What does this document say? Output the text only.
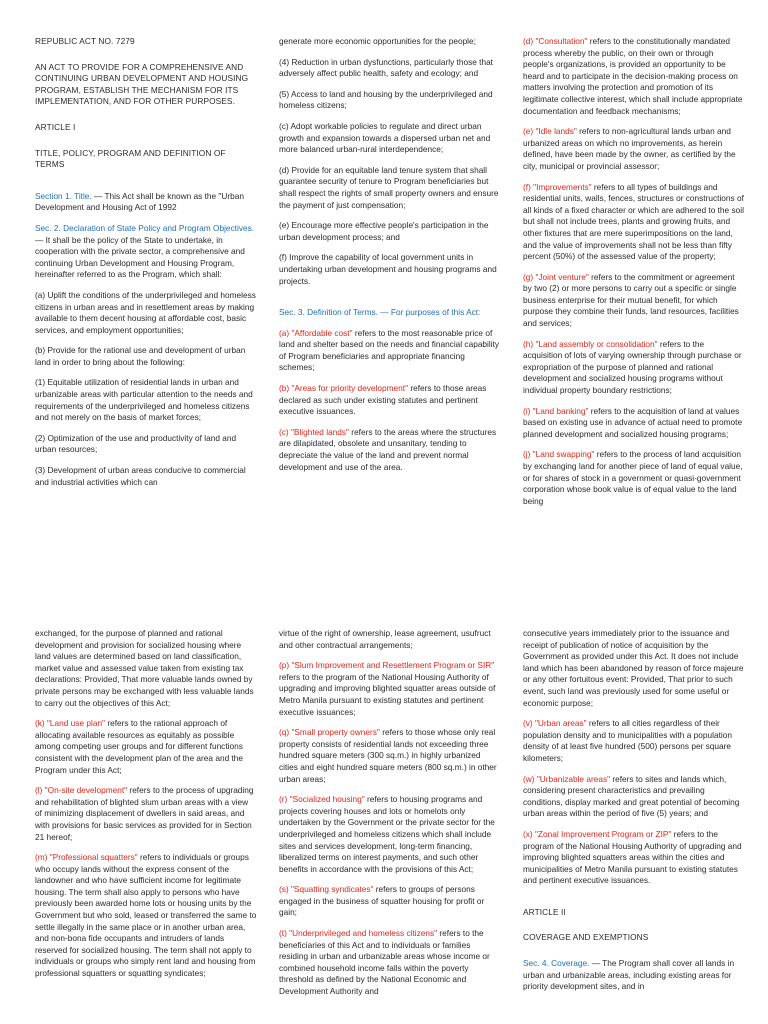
REPUBLIC ACT NO. 7279

AN ACT TO PROVIDE FOR A COMPREHENSIVE AND CONTINUING URBAN DEVELOPMENT AND HOUSING PROGRAM, ESTABLISH THE MECHANISM FOR ITS IMPLEMENTATION, AND FOR OTHER PURPOSES.

ARTICLE I

TITLE, POLICY, PROGRAM AND DEFINITION OF TERMS

Section 1. Title. — This Act shall be known as the "Urban Development and Housing Act of 1992

Sec. 2. Declaration of State Policy and Program Objectives. — It shall be the policy of the State to undertake, in cooperation with the private sector, a comprehensive and continuing Urban Development and Housing Program, hereinafter referred to as the Program, which shall:

(a) Uplift the conditions of the underprivileged and homeless citizens in urban areas and in resettlement areas by making available to them decent housing at affordable cost, basic services, and employment opportunities;

(b) Provide for the rational use and development of urban land in order to bring about the following:

(1) Equitable utilization of residential lands in urban and urbanizable areas with particular attention to the needs and requirements of the underprivileged and homeless citizens and not merely on the basis of market forces;

(2) Optimization of the use and productivity of land and urban resources;

(3) Development of urban areas conducive to commercial and industrial activities which can

generate more economic opportunities for the people;

(4) Reduction in urban dysfunctions, particularly those that adversely affect public health, safety and ecology; and

(5) Access to land and housing by the underprivileged and homeless citizens;

(c) Adopt workable policies to regulate and direct urban growth and expansion towards a dispersed urban net and more balanced urban-rural interdependence;

(d) Provide for an equitable land tenure system that shall guarantee security of tenure to Program beneficiaries but shall respect the rights of small property owners and ensure the payment of just compensation;

(e) Encourage more effective people's participation in the urban development process; and

(f) Improve the capability of local government units in undertaking urban development and housing programs and projects.

Sec. 3. Definition of Terms. — For purposes of this Act:

(a) "Affordable cost" refers to the most reasonable price of land and shelter based on the needs and financial capability of Program beneficiaries and appropriate financing schemes;

(b) "Areas for priority development" refers to those areas declared as such under existing statutes and pertinent executive issuances.

(c) "Blighted lands" refers to the areas where the structures are dilapidated, obsolete and unsanitary, tending to depreciate the value of the land and prevent normal development and use of the area.

(d) "Consultation" refers to the constitutionally mandated process whereby the public, on their own or through people's organizations, is provided an opportunity to be heard and to participate in the decision-making process on matters involving the protection and promotion of its legitimate collective interest, which shall include appropriate documentation and feedback mechanisms;

(e) "Idle lands" refers to non-agricultural lands urban and urbanized areas on which no improvements, as herein defined, have been made by the owner, as certified by the city, municipal or provincial assessor;

(f) "Improvements" refers to all types of buildings and residential units, walls, fences, structures or constructions of all kinds of a fixed character or which are adhered to the soil but shall not include trees, plants and growing fruits, and other fixtures that are mere superimpositions on the land, and the value of improvements shall not be less than fifty percent (50%) of the assessed value of the property;

(g) "Joint venture" refers to the commitment or agreement by two (2) or more persons to carry out a specific or single business enterprise for their mutual benefit, for which purpose they combine their funds, land resources, facilities and services;

(h) "Land assembly or consolidation" refers to the acquisition of lots of varying ownership through purchase or expropriation of the purpose of planned and rational development and socialized housing programs without individual property boundary restrictions;

(i) "Land banking" refers to the acquisition of land at values based on existing use in advance of actual need to promote planned development and socialized housing programs;

(j) "Land swapping" refers to the process of land acquisition by exchanging land for another piece of land of equal value, or for shares of stock in a government or quasi-government corporation whose book value is of equal value to the land being

exchanged, for the purpose of planned and rational development and provision for socialized housing where land values are determined based on land classification, market value and assessed value taken from existing tax declarations: Provided, That more valuable lands owned by private persons may be exchanged with less valuable lands to carry out the objectives of this Act;

(k) "Land use plan" refers to the rational approach of allocating available resources as equitably as possible among competing user groups and for different functions consistent with the development plan of the area and the Program under this Act;

(l) "On-site development" refers to the process of upgrading and rehabilitation of blighted slum urban areas with a view of minimizing displacement of dwellers in said areas, and with provisions for basic services as provided for in Section 21 hereof;

(m) "Professional squatters" refers to individuals or groups who occupy lands without the express consent of the landowner and who have sufficient income for legitimate housing. The term shall also apply to persons who have previously been awarded home lots or housing units by the Government but who sold, leased or transferred the same to settle illegally in the same place or in another urban area, and non-bona fide occupants and intruders of lands reserved for socialized housing. The term shall not apply to individuals or groups who simply rent land and housing from professional squatters or squatting syndicates;

virtue of the right of ownership, lease agreement, usufruct and other contractual arrangements;

(p) "Slum Improvement and Resettlement Program or SIR" refers to the program of the National Housing Authority of upgrading and improving blighted squatter areas outside of Metro Manila pursuant to existing statutes and pertinent executive issuances;

(q) "Small property owners" refers to those whose only real property consists of residential lands not exceeding three hundred square meters (300 sq.m.) in highly urbanized cities and eight hundred square meters (800 sq.m.) in other urban areas;

(r) "Socialized housing" refers to housing programs and projects covering houses and lots or homelots only undertaken by the Government or the private sector for the underprivileged and homeless citizens which shall include sites and services development, long-term financing, liberalized terms on interest payments, and such other benefits in accordance with the provisions of this Act;

(s) "Squatting syndicates" refers to groups of persons engaged in the business of squatter housing for profit or gain;

(t) "Underprivileged and homeless citizens" refers to the beneficiaries of this Act and to individuals or families residing in urban and urbanizable areas whose income or combined household income falls within the poverty threshold as defined by the National Economic and Development Authority and

consecutive years immediately prior to the issuance and receipt of publication of notice of acquisition by the Government as provided under this Act. It does not include land which has been abandoned by reason of force majeure or any other fortuitous event: Provided, That prior to such event, such land was previously used for some useful or economic purpose;

(v) "Urban areas" refers to all cities regardless of their population density and to municipalities with a population density of at least five hundred (500) persons per square kilometers;

(w) "Urbanizable areas" refers to sites and lands which, considering present characteristics and prevailing conditions, display marked and great potential of becoming urban areas within the period of five (5) years; and

(x) "Zonal Improvement Program or ZIP" refers to the program of the National Housing Authority of upgrading and improving blighted squatters areas within the cities and municipalities of Metro Manila pursuant to existing statutes and pertinent executive issuances.

ARTICLE II

COVERAGE AND EXEMPTIONS

Sec. 4. Coverage. — The Program shall cover all lands in urban and urbanizable areas, including existing areas for priority development sites, and in
